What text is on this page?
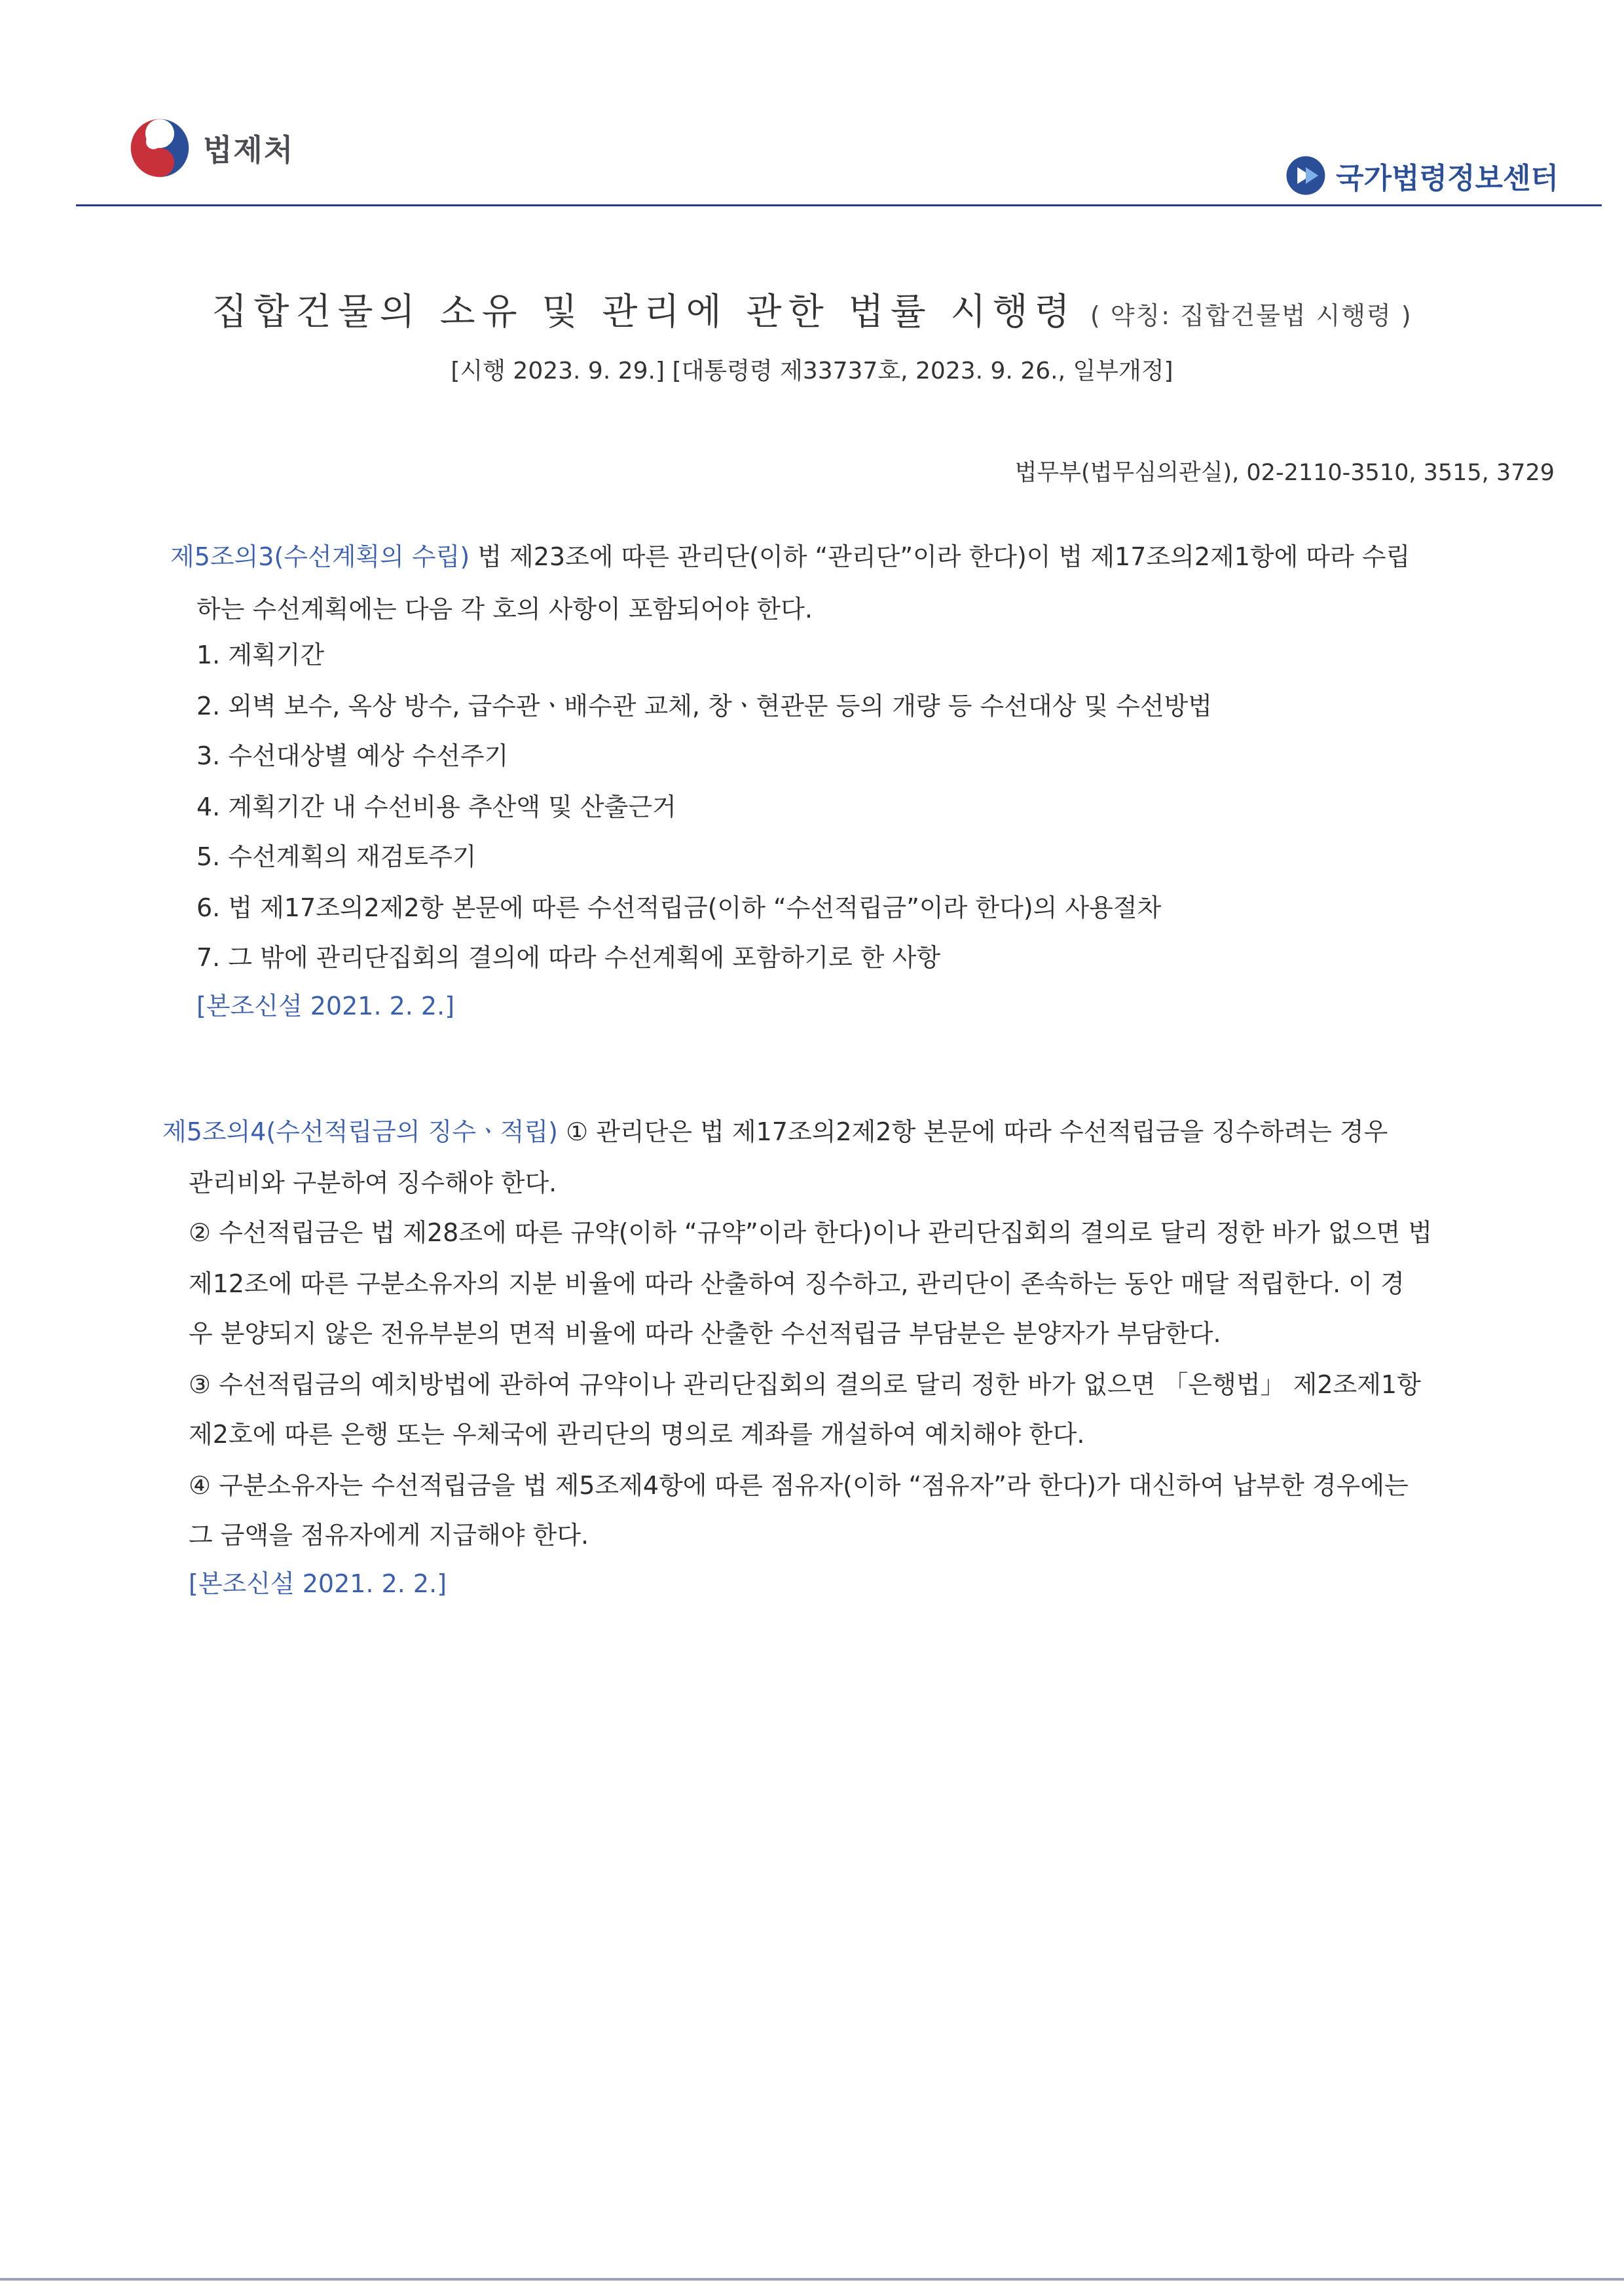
법제처
국가법령정보센터
집합건물의 소유 및 관리에 관한 법률 시행령 ( 약칭: 집합건물법 시행령 )
[시행 2023. 9. 29.] [대통령령 제33737호, 2023. 9. 26., 일부개정]
법무부(법무심의관실), 02-2110-3510, 3515, 3729
제5조의3(수선계획의 수립) 법 제23조에 따른 관리단(이하 “관리단”이라 한다)이 법 제17조의2제1항에 따라 수립
하는 수선계획에는 다음 각 호의 사항이 포함되어야 한다.
1. 계획기간
2. 외벽 보수, 옥상 방수, 급수관ㆍ배수관 교체, 창ㆍ현관문 등의 개량 등 수선대상 및 수선방법
3. 수선대상별 예상 수선주기
4. 계획기간 내 수선비용 추산액 및 산출근거
5. 수선계획의 재검토주기
6. 법 제17조의2제2항 본문에 따른 수선적립금(이하 “수선적립금”이라 한다)의 사용절차
7. 그 밖에 관리단집회의 결의에 따라 수선계획에 포함하기로 한 사항
[본조신설 2021. 2. 2.]
제5조의4(수선적립금의 징수ㆍ적립) ① 관리단은 법 제17조의2제2항 본문에 따라 수선적립금을 징수하려는 경우
관리비와 구분하여 징수해야 한다.
② 수선적립금은 법 제28조에 따른 규약(이하 “규약”이라 한다)이나 관리단집회의 결의로 달리 정한 바가 없으면 법
제12조에 따른 구분소유자의 지분 비율에 따라 산출하여 징수하고, 관리단이 존속하는 동안 매달 적립한다. 이 경
우 분양되지 않은 전유부분의 면적 비율에 따라 산출한 수선적립금 부담분은 분양자가 부담한다.
③ 수선적립금의 예치방법에 관하여 규약이나 관리단집회의 결의로 달리 정한 바가 없으면 「은행법」 제2조제1항
제2호에 따른 은행 또는 우체국에 관리단의 명의로 계좌를 개설하여 예치해야 한다.
④ 구분소유자는 수선적립금을 법 제5조제4항에 따른 점유자(이하 “점유자”라 한다)가 대신하여 납부한 경우에는
그 금액을 점유자에게 지급해야 한다.
[본조신설 2021. 2. 2.]
